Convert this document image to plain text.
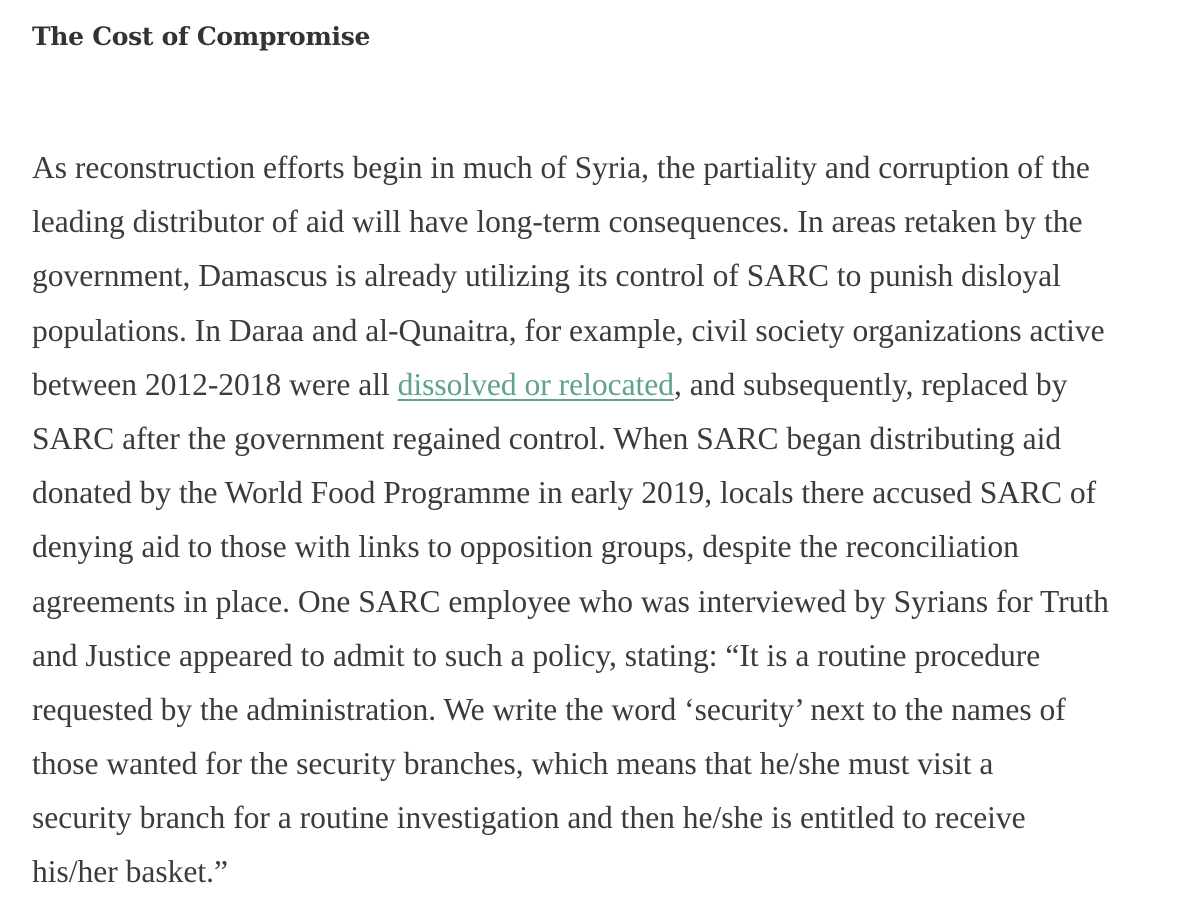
The Cost of Compromise

As reconstruction efforts begin in much of Syria, the partiality and corruption of the
leading distributor of aid will have long-term consequences. In areas retaken by the
government, Damascus is already utilizing its control of SARC to punish disloyal
populations. In Daraa and al-Qunaitra, for example, civil society organizations active
between 2012-2018 were all dissolved or relocated, and subsequently, replaced by
SARC after the government regained control. When SARC began distributing aid
donated by the World Food Programme in early 2019, locals there accused SARC of
denying aid to those with links to opposition groups, despite the reconciliation
agreements in place. One SARC employee who was interviewed by Syrians for Truth
and Justice appeared to admit to such a policy, stating: “It is a routine procedure
requested by the administration. We write the word ‘security’ next to the names of
those wanted for the security branches, which means that he/she must visit a
security branch for a routine investigation and then he/she is entitled to receive
his/her basket.”
